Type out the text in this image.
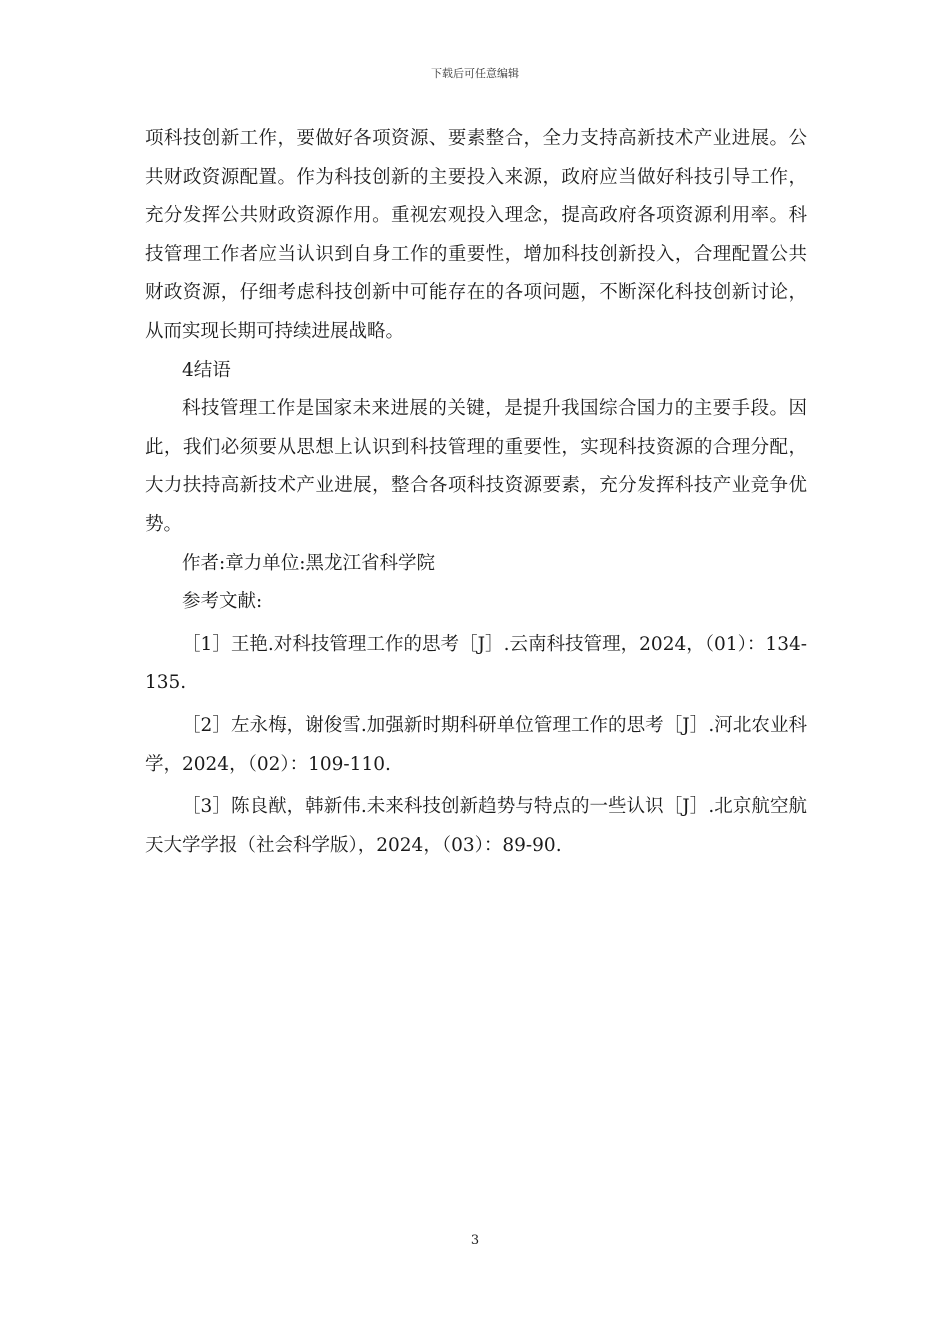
下载后可任意编辑

项科技创新工作，要做好各项资源、要素整合，全力支持高新技术产业进展。公共财政资源配置。作为科技创新的主要投入来源，政府应当做好科技引导工作，充分发挥公共财政资源作用。重视宏观投入理念，提高政府各项资源利用率。科技管理工作者应当认识到自身工作的重要性，增加科技创新投入，合理配置公共财政资源，仔细考虑科技创新中可能存在的各项问题，不断深化科技创新讨论，从而实现长期可持续进展战略。

4结语

科技管理工作是国家未来进展的关键，是提升我国综合国力的主要手段。因此，我们必须要从思想上认识到科技管理的重要性，实现科技资源的合理分配，大力扶持高新技术产业进展，整合各项科技资源要素，充分发挥科技产业竞争优势。

作者:章力单位:黑龙江省科学院

参考文献:

［1］王艳.对科技管理工作的思考［J］.云南科技管理，2024，（01）：134-135.

［2］左永梅，谢俊雪.加强新时期科研单位管理工作的思考［J］.河北农业科学，2024，（02）：109-110.

［3］陈良猷，韩新伟.未来科技创新趋势与特点的一些认识［J］.北京航空航天大学学报（社会科学版），2024，（03）：89-90.

3
